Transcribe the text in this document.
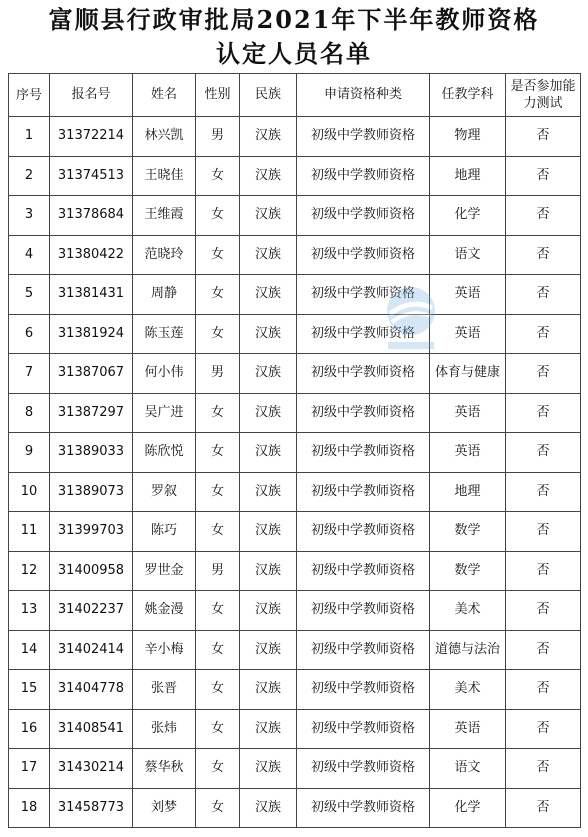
富顺县行政审批局2021年下半年教师资格
认定人员名单
序号	报名号	姓名	性别	民族	申请资格种类	任教学科	是否参加能力测试
1	31372214	林兴凯	男	汉族	初级中学教师资格	物理	否
2	31374513	王晓佳	女	汉族	初级中学教师资格	地理	否
3	31378684	王维霞	女	汉族	初级中学教师资格	化学	否
4	31380422	范晓玲	女	汉族	初级中学教师资格	语文	否
5	31381431	周静	女	汉族	初级中学教师资格	英语	否
6	31381924	陈玉莲	女	汉族	初级中学教师资格	英语	否
7	31387067	何小伟	男	汉族	初级中学教师资格	体育与健康	否
8	31387297	吴广进	女	汉族	初级中学教师资格	英语	否
9	31389033	陈欣悦	女	汉族	初级中学教师资格	英语	否
10	31389073	罗叙	女	汉族	初级中学教师资格	地理	否
11	31399703	陈巧	女	汉族	初级中学教师资格	数学	否
12	31400958	罗世金	男	汉族	初级中学教师资格	数学	否
13	31402237	姚金漫	女	汉族	初级中学教师资格	美术	否
14	31402414	辛小梅	女	汉族	初级中学教师资格	道德与法治	否
15	31404778	张晋	女	汉族	初级中学教师资格	美术	否
16	31408541	张炜	女	汉族	初级中学教师资格	英语	否
17	31430214	蔡华秋	女	汉族	初级中学教师资格	语文	否
18	31458773	刘梦	女	汉族	初级中学教师资格	化学	否
